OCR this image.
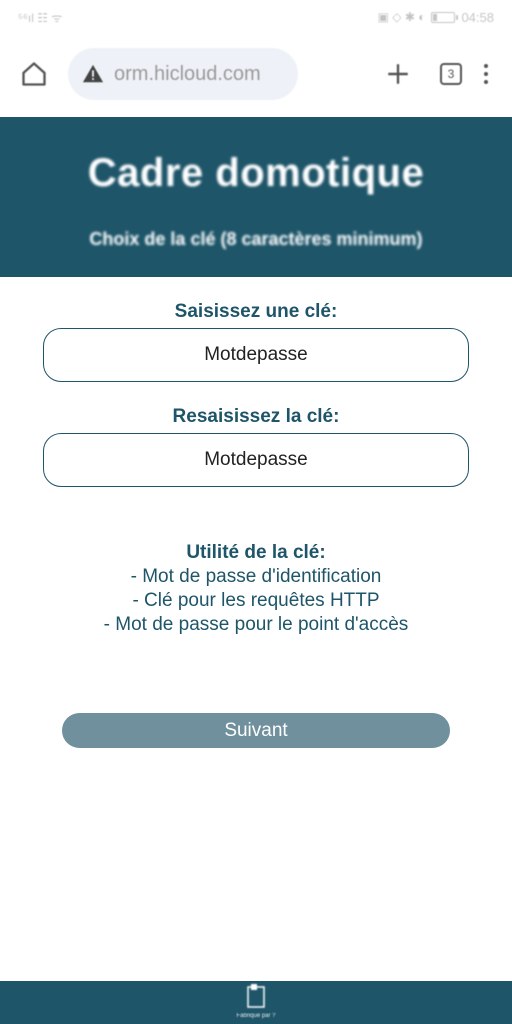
⁵⁶ıl ☷ ᯤ	▣ ◇ ✱ ◐	04:58
orm.hicloud.com	3
Cadre domotique
Choix de la clé (8 caractères minimum)
Saisissez une clé:
Motdepasse
Resaisissez la clé:
Motdepasse
Utilité de la clé:
- Mot de passe d'identification
- Clé pour les requêtes HTTP
- Mot de passe pour le point d'accès
Suivant
Fabriqué par ?
